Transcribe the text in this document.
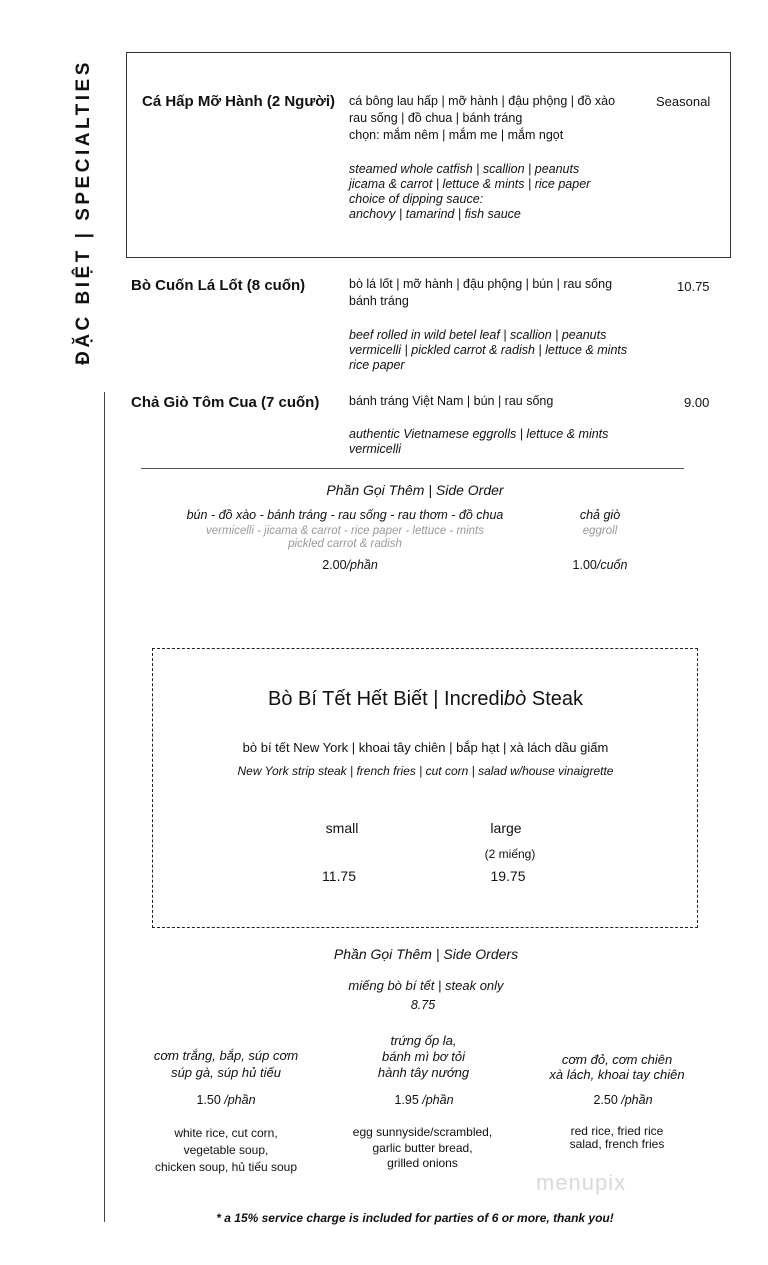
ĐẶC BIỆT | SPECIALTIES	Cá Hấp Mỡ Hành (2 Người) cá bông lau hấp | mỡ hành | đậu phộng | đồ xào
rau sống | đồ chua | bánh tráng
chọn: mắm nêm | mắm me | mắm ngọt
steamed whole catfish | scallion | peanuts
jicama & carrot | lettuce & mints | rice paper
choice of dipping sauce:
anchovy | tamarind | fish sauce
Seasonal
Bò Cuốn Lá Lốt (8 cuốn)	bò lá lốt | mỡ hành | đậu phộng | bún | rau sống
bánh tráng
beef rolled in wild betel leaf | scallion | peanuts
vermicelli | pickled carrot & radish | lettuce & mints
rice paper
10.75
Chả Giò Tôm Cua (7 cuốn) bánh tráng Việt Nam | bún | rau sống
authentic Vietnamese eggrolls | lettuce & mints
vermicelli
9.00
Phần Gọi Thêm | Side Order
bún - đồ xào - bánh tráng - rau sống - rau thơm - đồ chua
vermicelli - jicama & carrot - rice paper - lettuce - mints
pickled carrot & radish
2.00/phần
chả giò
eggroll
1.00/cuốn
Bò Bí Tết Hết Biết | Incredibò Steak
bò bí tết New York | khoai tây chiên | bắp hạt | xà lách dầu giấm
New York strip steak | french fries | cut corn | salad w/house vinaigrette
small	large
(2 miếng)
11.75	19.75
Phần Gọi Thêm | Side Orders
miếng bò bí tết | steak only
8.75
cơm trắng, bắp, súp cơm
súp gà, súp hủ tiếu
1.50 /phần
white rice, cut corn,
vegetable soup,
chicken soup, hủ tiếu soup
trứng ốp la,
bánh mì bơ tỏi
hành tây nướng
1.95 /phần
egg sunnyside/scrambled,
garlic butter bread,
grilled onions
cơm đỏ, cơm chiên
xà lách, khoai tay chiên
2.50 /phần
red rice, fried rice
salad, french fries
menupix
* a 15% service charge is included for parties of 6 or more, thank you!
